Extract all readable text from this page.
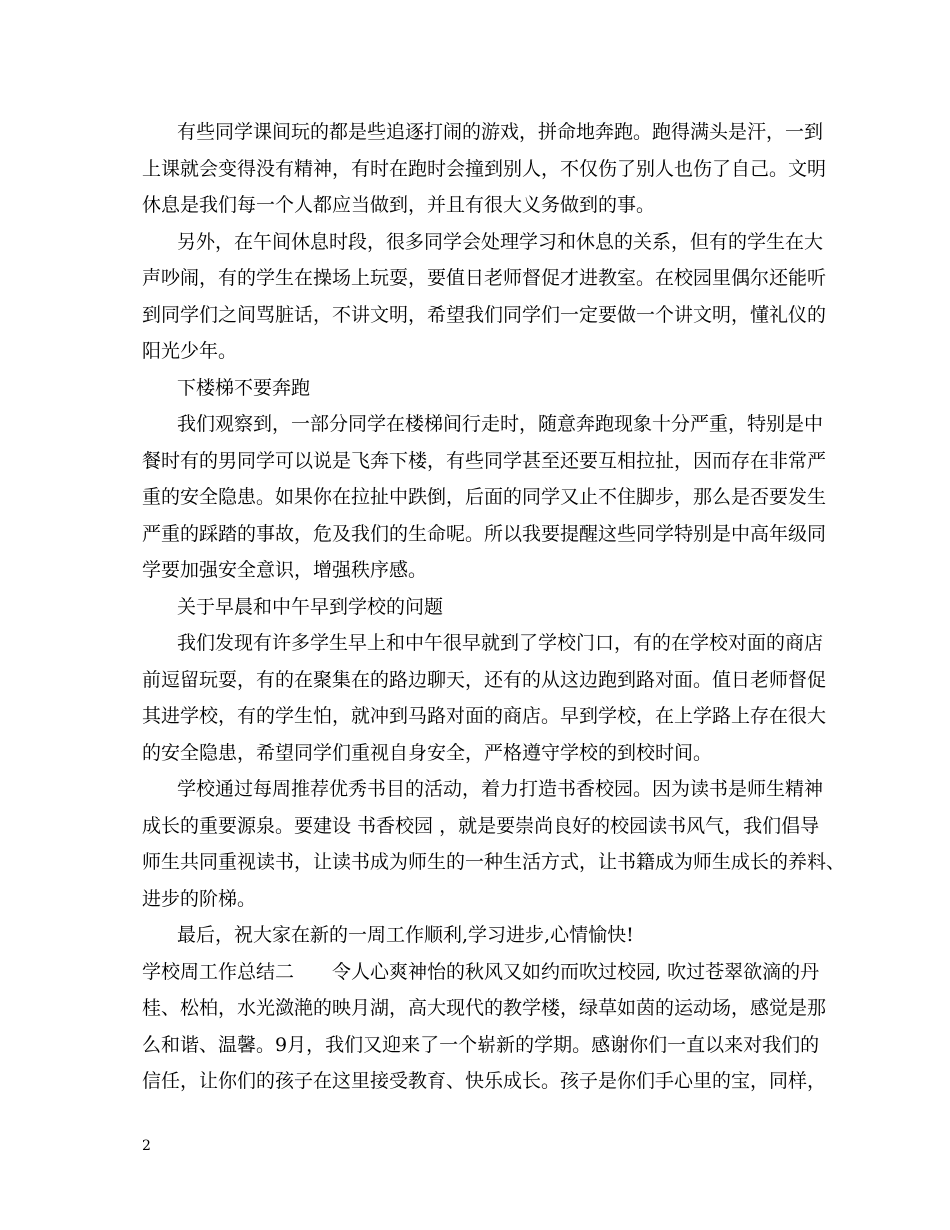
有些同学课间玩的都是些追逐打闹的游戏，拼命地奔跑。跑得满头是汗，一到
上课就会变得没有精神，有时在跑时会撞到别人，不仅伤了别人也伤了自己。文明
休息是我们每一个人都应当做到，并且有很大义务做到的事。
另外，在午间休息时段，很多同学会处理学习和休息的关系，但有的学生在大
声吵闹，有的学生在操场上玩耍，要值日老师督促才进教室。在校园里偶尔还能听
到同学们之间骂脏话，不讲文明，希望我们同学们一定要做一个讲文明，懂礼仪的
阳光少年。
下楼梯不要奔跑
我们观察到，一部分同学在楼梯间行走时，随意奔跑现象十分严重，特别是中
餐时有的男同学可以说是飞奔下楼，有些同学甚至还要互相拉扯，因而存在非常严
重的安全隐患。如果你在拉扯中跌倒，后面的同学又止不住脚步，那么是否要发生
严重的踩踏的事故，危及我们的生命呢。所以我要提醒这些同学特别是中高年级同
学要加强安全意识，增强秩序感。
关于早晨和中午早到学校的问题
我们发现有许多学生早上和中午很早就到了学校门口，有的在学校对面的商店
前逗留玩耍，有的在聚集在的路边聊天，还有的从这边跑到路对面。值日老师督促
其进学校，有的学生怕，就冲到马路对面的商店。早到学校，在上学路上存在很大
的安全隐患，希望同学们重视自身安全，严格遵守学校的到校时间。
学校通过每周推荐优秀书目的活动，着力打造书香校园。因为读书是师生精神
成长的重要源泉。要建设 书香校园 ，就是要崇尚良好的校园读书风气，我们倡导
师生共同重视读书，让读书成为师生的一种生活方式，让书籍成为师生成长的养料、
进步的阶梯。
最后，祝大家在新的一周工作顺利,学习进步,心情愉快!
学校周工作总结二　　令人心爽神怡的秋风又如约而吹过校园, 吹过苍翠欲滴的丹
桂、松柏，水光潋滟的映月湖，高大现代的教学楼，绿草如茵的运动场，感觉是那
么和谐、温馨。9月，我们又迎来了一个崭新的学期。感谢你们一直以来对我们的
信任，让你们的孩子在这里接受教育、快乐成长。孩子是你们手心里的宝，同样，
2
